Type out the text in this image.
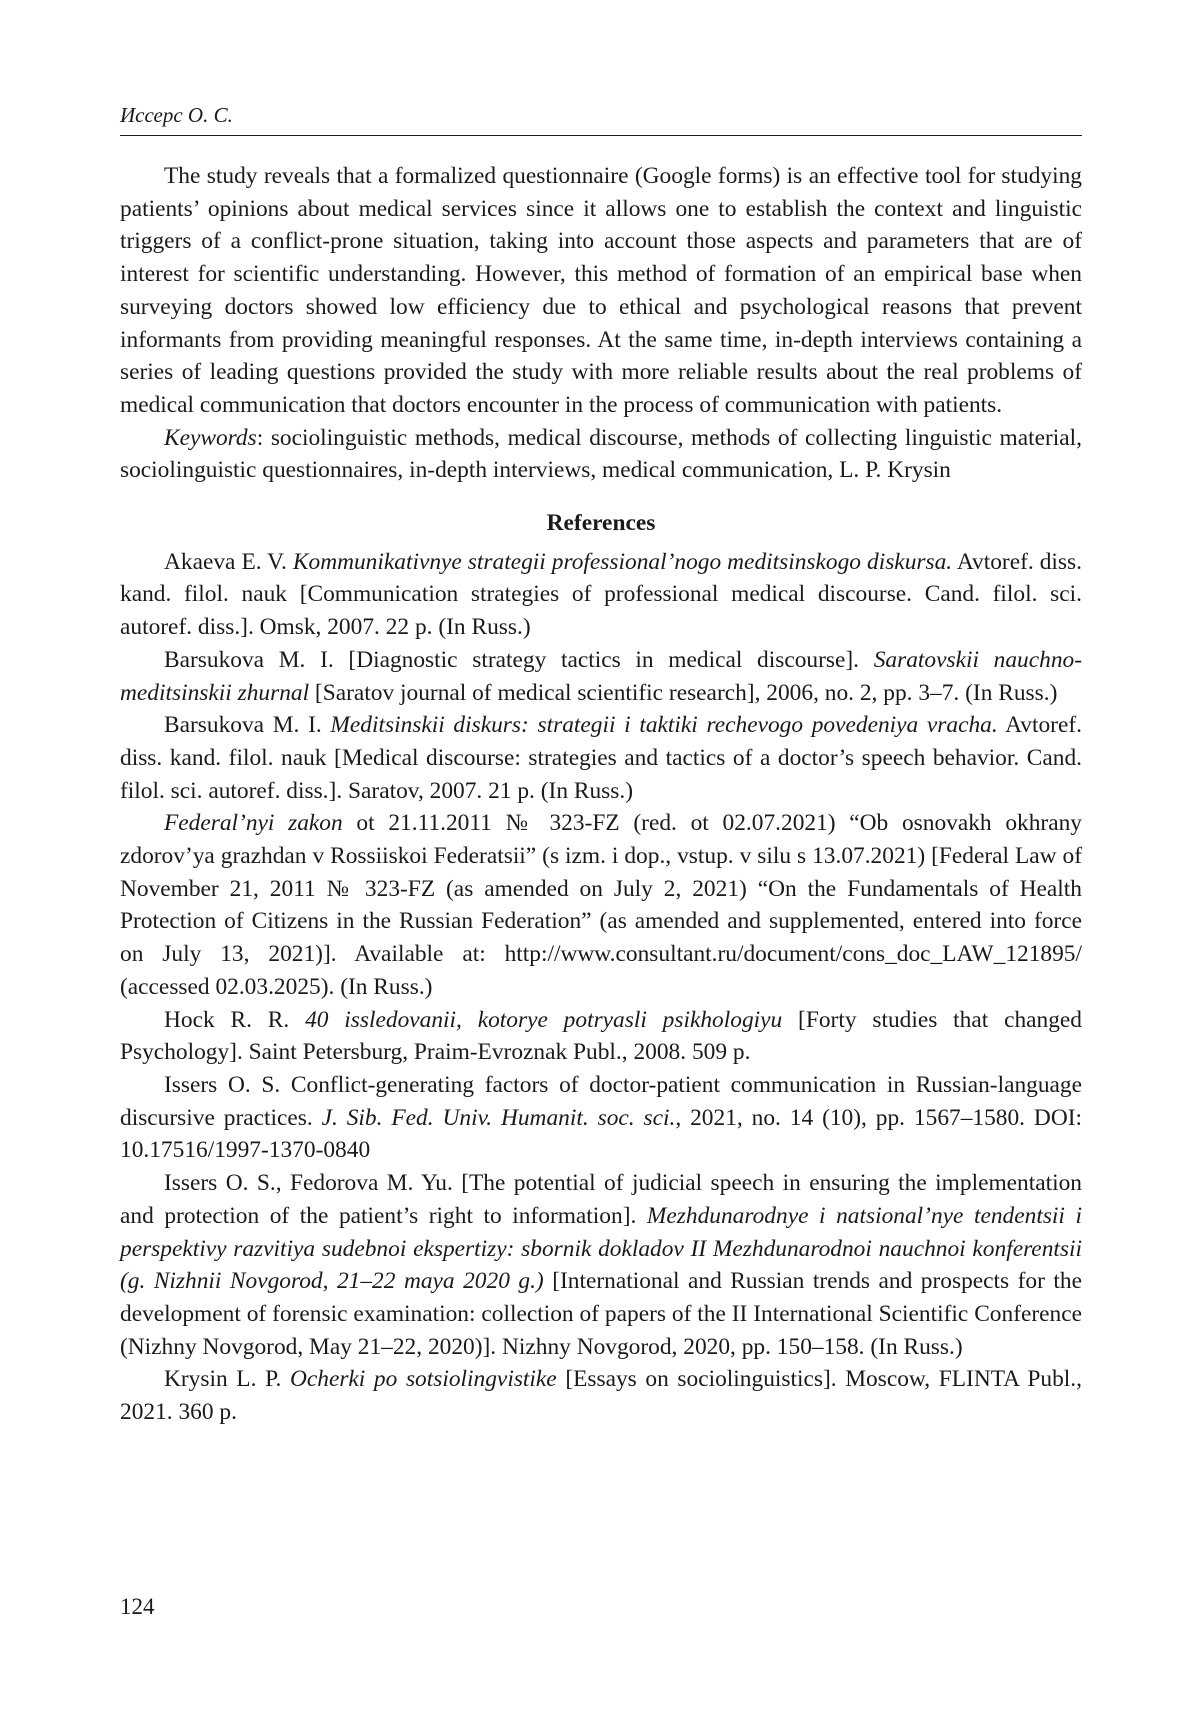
Иссерс О. С.

The study reveals that a formalized questionnaire (Google forms) is an effective tool for studying patients’ opinions about medical services since it allows one to establish the context and linguistic triggers of a conflict-prone situation, taking into account those aspects and parameters that are of interest for scientific understanding. However, this method of formation of an empirical base when surveying doctors showed low efficiency due to ethical and psychological reasons that prevent informants from providing meaningful responses. At the same time, in-depth interviews containing a series of leading questions provided the study with more reliable results about the real problems of medical communication that doctors encounter in the process of communication with patients.

Keywords: sociolinguistic methods, medical discourse, methods of collecting linguistic material, sociolinguistic questionnaires, in-depth interviews, medical communication, L. P. Krysin

References

Akaeva E. V. Kommunikativnye strategii professional’nogo meditsinskogo diskursa. Avtoref. diss. kand. filol. nauk [Communication strategies of professional medical discourse. Cand. filol. sci. autoref. diss.]. Omsk, 2007. 22 p. (In Russ.)

Barsukova M. I. [Diagnostic strategy tactics in medical discourse]. Saratovskii nauchno-meditsinskii zhurnal [Saratov journal of medical scientific research], 2006, no. 2, pp. 3–7. (In Russ.)

Barsukova M. I. Meditsinskii diskurs: strategii i taktiki rechevogo povedeniya vracha. Avtoref. diss. kand. filol. nauk [Medical discourse: strategies and tactics of a doctor’s speech behavior. Cand. filol. sci. autoref. diss.]. Saratov, 2007. 21 p. (In Russ.)

Federal’nyi zakon ot 21.11.2011 № 323-FZ (red. ot 02.07.2021) “Ob osnovakh okhrany zdorov’ya grazhdan v Rossiiskoi Federatsii” (s izm. i dop., vstup. v silu s 13.07.2021) [Federal Law of November 21, 2011 № 323-FZ (as amended on July 2, 2021) “On the Fundamentals of Health Protection of Citizens in the Russian Federation” (as amended and supplemented, entered into force on July 13, 2021)]. Available at: http://www.consultant.ru/document/cons_doc_LAW_121895/ (accessed 02.03.2025). (In Russ.)

Hock R. R. 40 issledovanii, kotorye potryasli psikhologiyu [Forty studies that changed Psychology]. Saint Petersburg, Praim-Evroznak Publ., 2008. 509 p.

Issers O. S. Conflict-generating factors of doctor-patient communication in Russian-language discursive practices. J. Sib. Fed. Univ. Humanit. soc. sci., 2021, no. 14 (10), pp. 1567–1580. DOI: 10.17516/1997-1370-0840

Issers O. S., Fedorova M. Yu. [The potential of judicial speech in ensuring the implementation and protection of the patient’s right to information]. Mezhdunarodnye i natsional’nye tendentsii i perspektivy razvitiya sudebnoi ekspertizy: sbornik dokladov II Mezhdunarodnoi nauchnoi konferentsii (g. Nizhnii Novgorod, 21–22 maya 2020 g.) [International and Russian trends and prospects for the development of forensic examination: collection of papers of the II International Scientific Conference (Nizhny Novgorod, May 21–22, 2020)]. Nizhny Novgorod, 2020, pp. 150–158. (In Russ.)

Krysin L. P. Ocherki po sotsiolingvistike [Essays on sociolinguistics]. Moscow, FLINTA Publ., 2021. 360 p.

124
